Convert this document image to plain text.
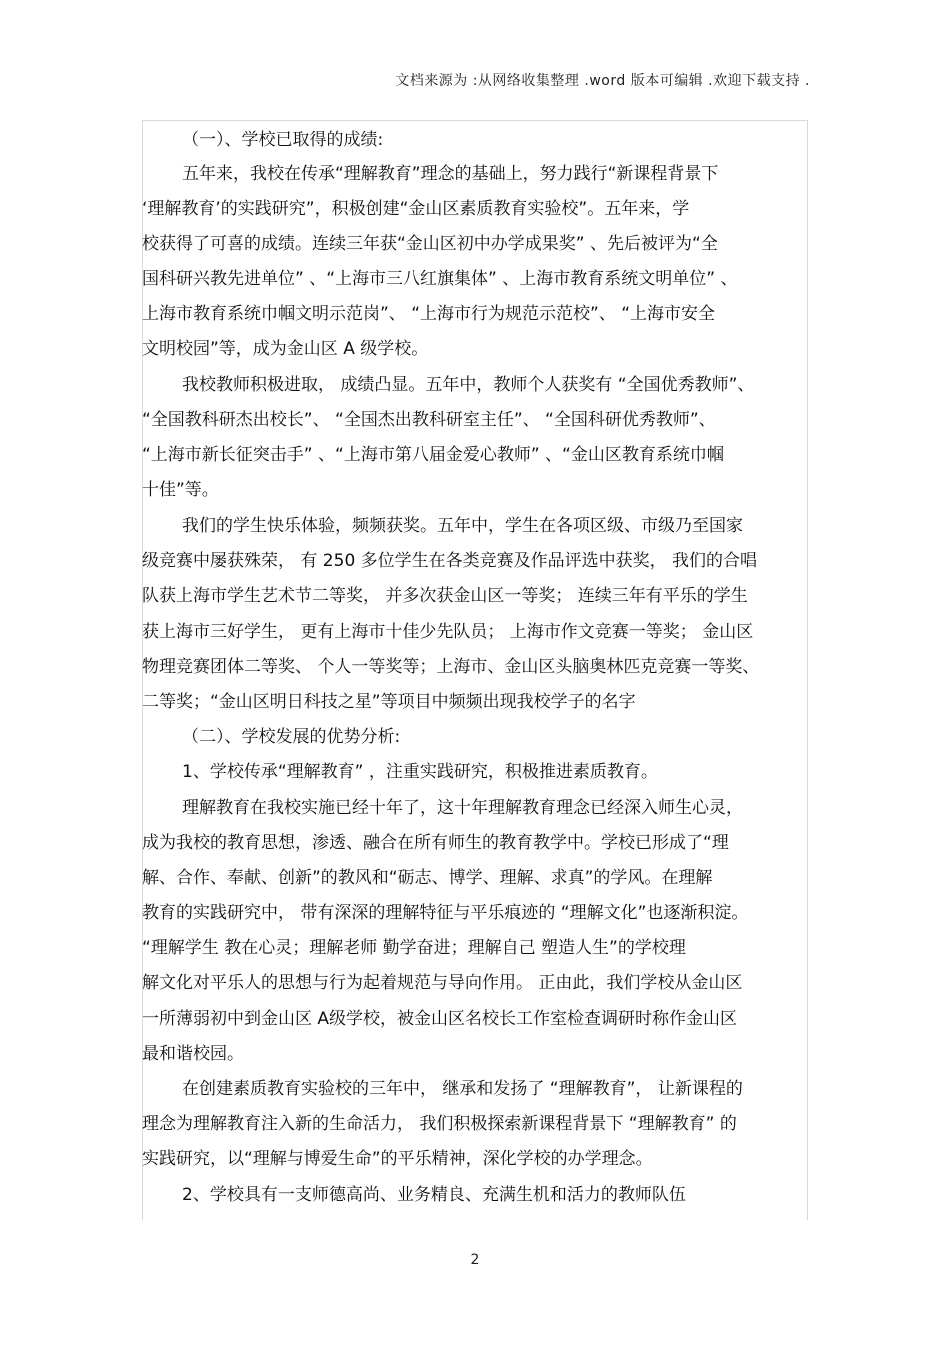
文档来源为 :从网络收集整理 .word 版本可编辑 .欢迎下载支持 .
（一）、学校已取得的成绩:
五年来，我校在传承“理解教育”理念的基础上，努力践行“新课程背景下
‘理解教育’的实践研究”，积极创建“金山区素质教育实验校”。五年来，学
校获得了可喜的成绩。连续三年获“金山区初中办学成果奖” 、先后被评为“全
国科研兴教先进单位” 、“上海市三八红旗集体” 、上海市教育系统文明单位” 、
上海市教育系统巾帼文明示范岗”、 “上海市行为规范示范校”、 “上海市安全
文明校园”等，成为金山区 A 级学校。
我校教师积极进取， 成绩凸显。五年中，教师个人获奖有 “全国优秀教师”、
“全国教科研杰出校长”、 “全国杰出教科研室主任”、 “全国科研优秀教师”、
“上海市新长征突击手” 、“上海市第八届金爱心教师” 、“金山区教育系统巾帼
十佳”等。
我们的学生快乐体验，频频获奖。五年中，学生在各项区级、市级乃至国家
级竞赛中屡获殊荣， 有 250 多位学生在各类竞赛及作品评选中获奖， 我们的合唱
队获上海市学生艺术节二等奖， 并多次获金山区一等奖； 连续三年有平乐的学生
获上海市三好学生， 更有上海市十佳少先队员； 上海市作文竞赛一等奖； 金山区
物理竞赛团体二等奖、 个人一等奖等；上海市、金山区头脑奥林匹克竞赛一等奖、
二等奖；“金山区明日科技之星”等项目中频频出现我校学子的名字
（二）、学校发展的优势分析:
1、学校传承“理解教育” ，注重实践研究，积极推进素质教育。
理解教育在我校实施已经十年了，这十年理解教育理念已经深入师生心灵，
成为我校的教育思想，渗透、融合在所有师生的教育教学中。学校已形成了“理
解、合作、奉献、创新”的教风和“砺志、博学、理解、求真”的学风。在理解
教育的实践研究中， 带有深深的理解特征与平乐痕迹的 “理解文化”也逐渐积淀。
“理解学生 教在心灵；理解老师 勤学奋进；理解自己 塑造人生”的学校理
解文化对平乐人的思想与行为起着规范与导向作用。 正由此，我们学校从金山区
一所薄弱初中到金山区 A级学校，被金山区名校长工作室检查调研时称作金山区
最和谐校园。
在创建素质教育实验校的三年中， 继承和发扬了 “理解教育”， 让新课程的
理念为理解教育注入新的生命活力， 我们积极探索新课程背景下 “理解教育” 的
实践研究，以“理解与博爱生命”的平乐精神，深化学校的办学理念。
2、学校具有一支师德高尚、业务精良、充满生机和活力的教师队伍
2
